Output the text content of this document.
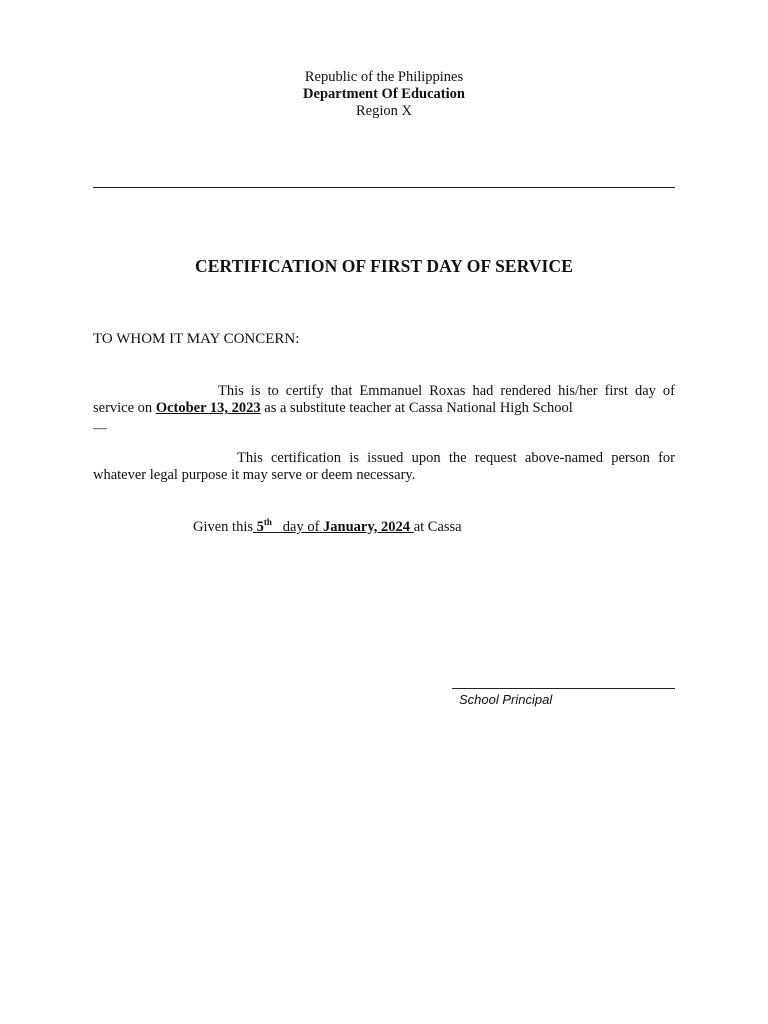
Republic of the Philippines
Department Of Education
Region X
CERTIFICATION OF FIRST DAY OF SERVICE
TO WHOM IT MAY CONCERN:
This is to certify that Emmanuel Roxas had rendered his/her first day of service on October 13, 2023 as a substitute teacher at Cassa National High School
—
This certification is issued upon the request above-named person for whatever legal purpose it may serve or deem necessary.
Given this 5th day of January, 2024 at Cassa
School Principal
